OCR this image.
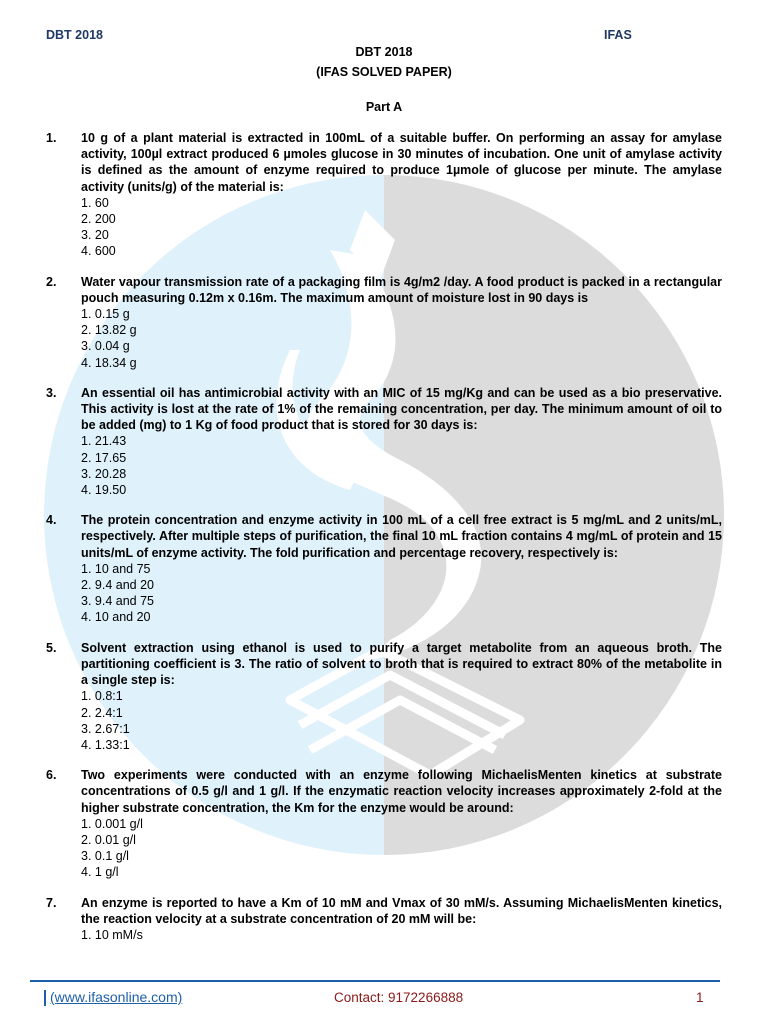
DBT 2018	IFAS
DBT 2018
(IFAS SOLVED PAPER)
Part A
1. 10 g of a plant material is extracted in 100mL of a suitable buffer. On performing an assay for amylase activity, 100µl extract produced 6 µmoles glucose in 30 minutes of incubation. One unit of amylase activity is defined as the amount of enzyme required to produce 1µmole of glucose per minute. The amylase activity (units/g) of the material is:
1. 60
2. 200
3. 20
4. 600
2. Water vapour transmission rate of a packaging film is 4g/m2 /day. A food product is packed in a rectangular pouch measuring 0.12m x 0.16m. The maximum amount of moisture lost in 90 days is
1. 0.15 g
2. 13.82 g
3. 0.04 g
4. 18.34 g
3. An essential oil has antimicrobial activity with an MIC of 15 mg/Kg and can be used as a bio preservative. This activity is lost at the rate of 1% of the remaining concentration, per day. The minimum amount of oil to be added (mg) to 1 Kg of food product that is stored for 30 days is:
1. 21.43
2. 17.65
3. 20.28
4. 19.50
4. The protein concentration and enzyme activity in 100 mL of a cell free extract is 5 mg/mL and 2 units/mL, respectively. After multiple steps of purification, the final 10 mL fraction contains 4 mg/mL of protein and 15 units/mL of enzyme activity. The fold purification and percentage recovery, respectively is:
1. 10 and 75
2. 9.4 and 20
3. 9.4 and 75
4. 10 and 20
5. Solvent extraction using ethanol is used to purify a target metabolite from an aqueous broth. The partitioning coefficient is 3. The ratio of solvent to broth that is required to extract 80% of the metabolite in a single step is:
1. 0.8:1
2. 2.4:1
3. 2.67:1
4. 1.33:1
6. Two experiments were conducted with an enzyme following MichaelisMenten kinetics at substrate concentrations of 0.5 g/l and 1 g/l. If the enzymatic reaction velocity increases approximately 2-fold at the higher substrate concentration, the Km for the enzyme would be around:
1. 0.001 g/l
2. 0.01 g/l
3. 0.1 g/l
4. 1 g/l
7. An enzyme is reported to have a Km of 10 mM and Vmax of 30 mM/s. Assuming MichaelisMenten kinetics, the reaction velocity at a substrate concentration of 20 mM will be:
1. 10 mM/s
(www.ifasonline.com)	Contact: 9172266888	1
